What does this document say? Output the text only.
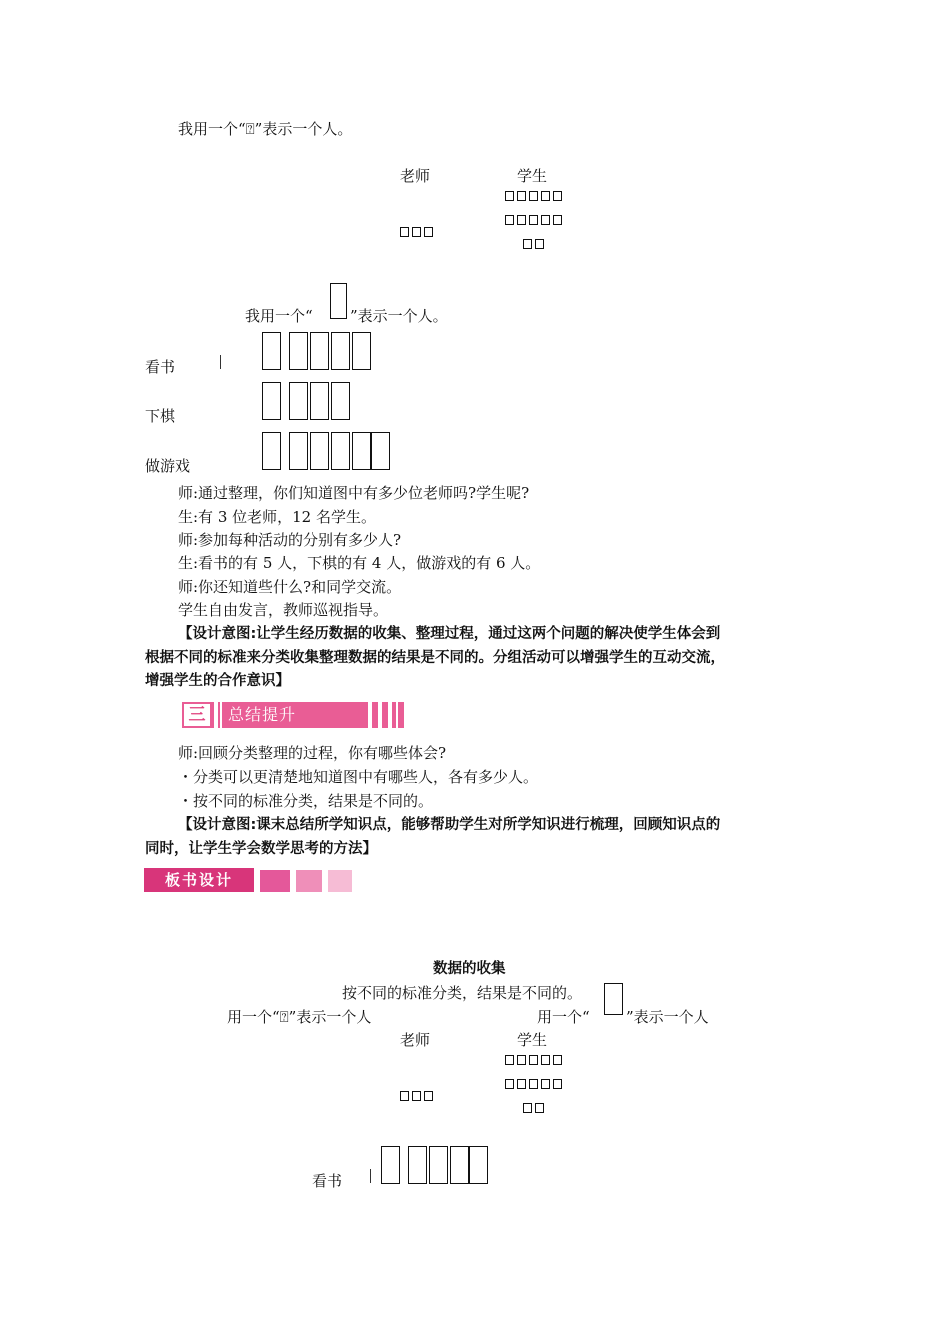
我用一个“⍰”表示一个人。
老师	学生
我用一个“ ”表示一个人。
看书
下棋
做游戏
师:通过整理，你们知道图中有多少位老师吗?学生呢?
生:有 3 位老师，12 名学生。
师:参加每种活动的分别有多少人?
生:看书的有 5 人，下棋的有 4 人，做游戏的有 6 人。
师:你还知道些什么?和同学交流。
学生自由发言，教师巡视指导。
【设计意图:让学生经历数据的收集、整理过程，通过这两个问题的解决使学生体会到
根据不同的标准来分类收集整理数据的结果是不同的。分组活动可以增强学生的互动交流，
增强学生的合作意识】
三 总结提升
师:回顾分类整理的过程，你有哪些体会?
・分类可以更清楚地知道图中有哪些人，各有多少人。
・按不同的标准分类，结果是不同的。
【设计意图:课末总结所学知识点，能够帮助学生对所学知识进行梳理，回顾知识点的
同时，让学生学会数学思考的方法】
板书设计
数据的收集
按不同的标准分类，结果是不同的。
用一个“⍰”表示一个人	用一个“ ”表示一个人
老师	学生
看书
